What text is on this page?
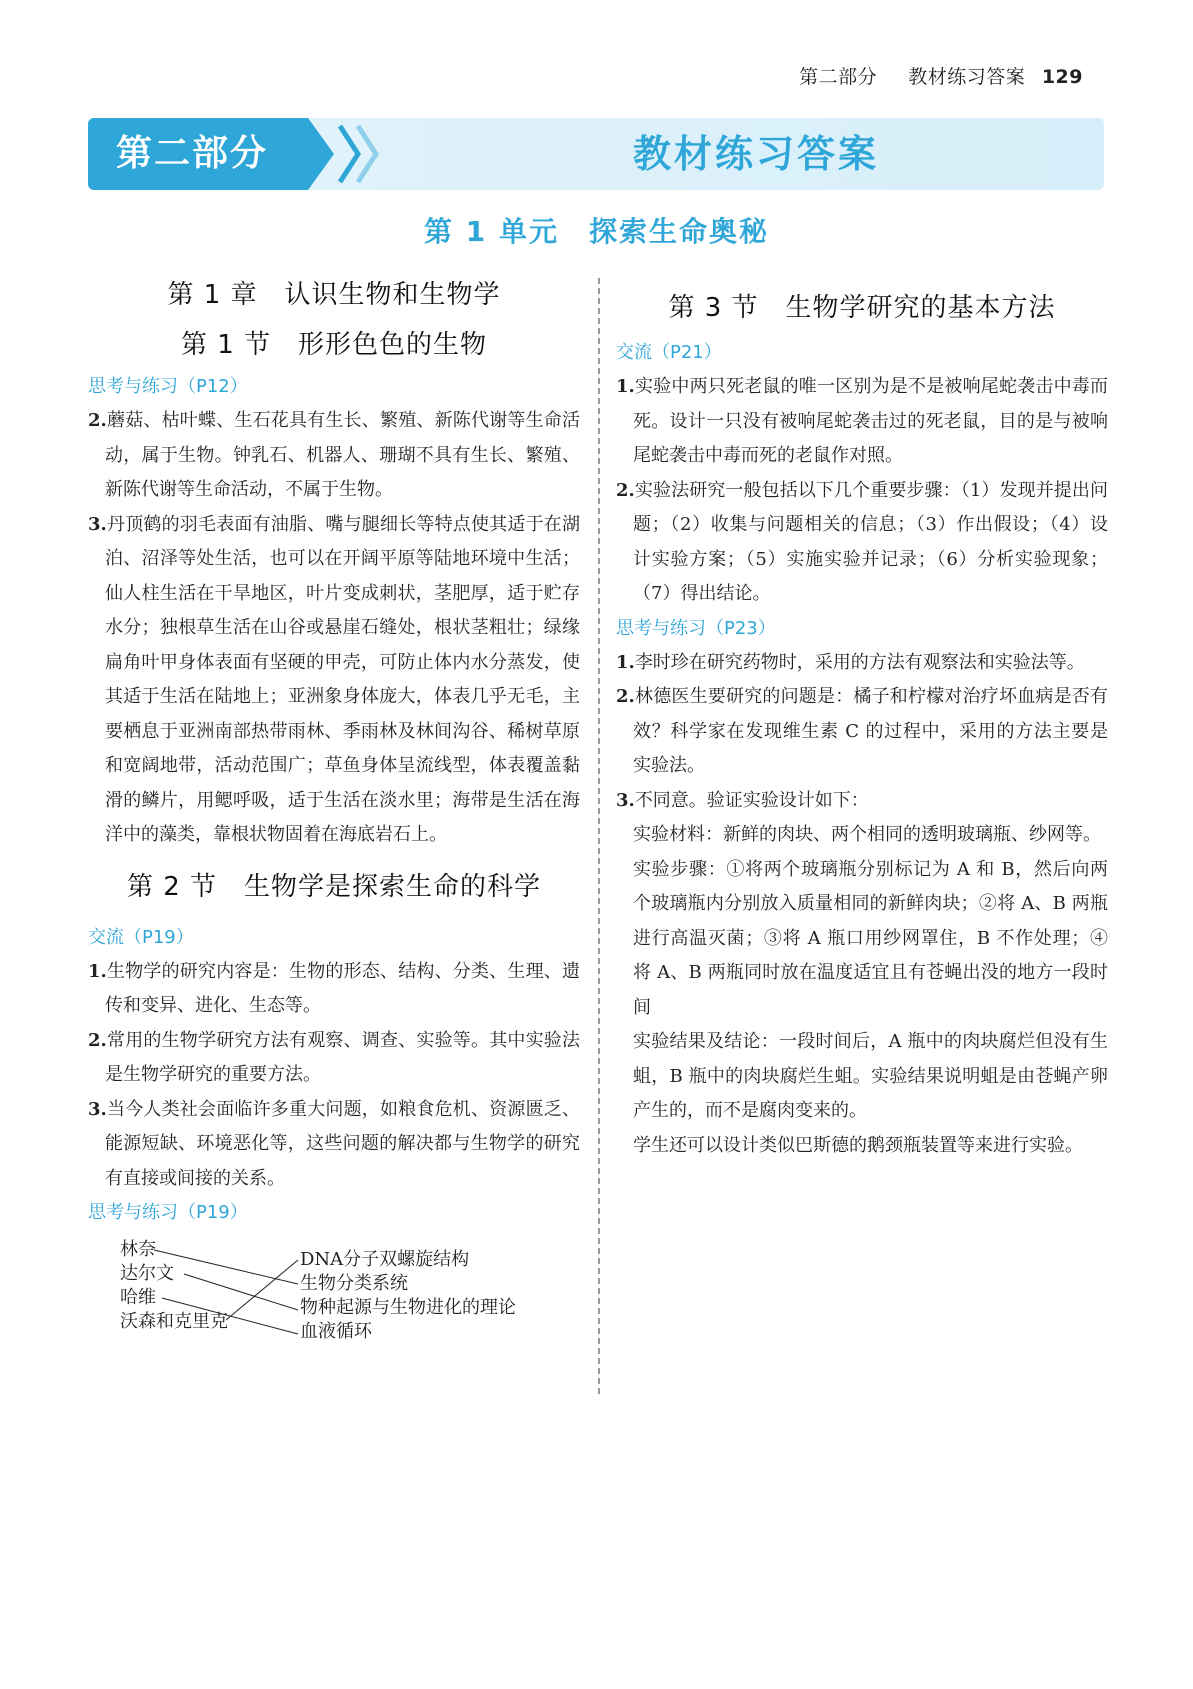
第二部分 教材练习答案 129
教材练习答案
第二部分
第 1 单元　探索生命奥秘
第 1 章　认识生物和生物学
第 1 节　形形色色的生物

思考与练习（P12）

2.蘑菇、枯叶蝶、生石花具有生长、繁殖、新陈代谢等生命活动，属于生物。钟乳石、机器人、珊瑚不具有生长、繁殖、新陈代谢等生命活动，不属于生物。

3.丹顶鹤的羽毛表面有油脂、嘴与腿细长等特点使其适于在湖泊、沼泽等处生活，也可以在开阔平原等陆地环境中生活；仙人柱生活在干旱地区，叶片变成刺状，茎肥厚，适于贮存水分；独根草生活在山谷或悬崖石缝处，根状茎粗壮；绿缘扁角叶甲身体表面有坚硬的甲壳，可防止体内水分蒸发，使其适于生活在陆地上；亚洲象身体庞大，体表几乎无毛，主要栖息于亚洲南部热带雨林、季雨林及林间沟谷、稀树草原和宽阔地带，活动范围广；草鱼身体呈流线型，体表覆盖黏滑的鳞片，用鳃呼吸，适于生活在淡水里；海带是生活在海洋中的藻类，靠根状物固着在海底岩石上。

第 2 节　生物学是探索生命的科学

交流（P19）

1.生物学的研究内容是：生物的形态、结构、分类、生理、遗传和变异、进化、生态等。

2.常用的生物学研究方法有观察、调查、实验等。其中实验法是生物学研究的重要方法。

3.当今人类社会面临许多重大问题，如粮食危机、资源匮乏、能源短缺、环境恶化等，这些问题的解决都与生物学的研究有直接或间接的关系。

思考与练习（P19）

林奈
达尔文
哈维
沃森和克里克
DNA分子双螺旋结构
生物分类系统
物种起源与生物进化的理论
血液循环
第 3 节　生物学研究的基本方法

交流（P21）

1.实验中两只死老鼠的唯一区别为是不是被响尾蛇袭击中毒而死。设计一只没有被响尾蛇袭击过的死老鼠，目的是与被响尾蛇袭击中毒而死的老鼠作对照。

2.实验法研究一般包括以下几个重要步骤：（1）发现并提出问题；（2）收集与问题相关的信息；（3）作出假设；（4）设计实验方案；（5）实施实验并记录；（6）分析实验现象；（7）得出结论。

思考与练习（P23）

1.李时珍在研究药物时，采用的方法有观察法和实验法等。

2.林德医生要研究的问题是：橘子和柠檬对治疗坏血病是否有效？科学家在发现维生素 C 的过程中，采用的方法主要是实验法。

3.不同意。验证实验设计如下：

实验材料：新鲜的肉块、两个相同的透明玻璃瓶、纱网等。

实验步骤：①将两个玻璃瓶分别标记为 A 和 B，然后向两个玻璃瓶内分别放入质量相同的新鲜肉块；②将 A、B 两瓶进行高温灭菌；③将 A 瓶口用纱网罩住，B 不作处理；④将 A、B 两瓶同时放在温度适宜且有苍蝇出没的地方一段时间

实验结果及结论：一段时间后，A 瓶中的肉块腐烂但没有生蛆，B 瓶中的肉块腐烂生蛆。实验结果说明蛆是由苍蝇产卵产生的，而不是腐肉变来的。

学生还可以设计类似巴斯德的鹅颈瓶装置等来进行实验。
